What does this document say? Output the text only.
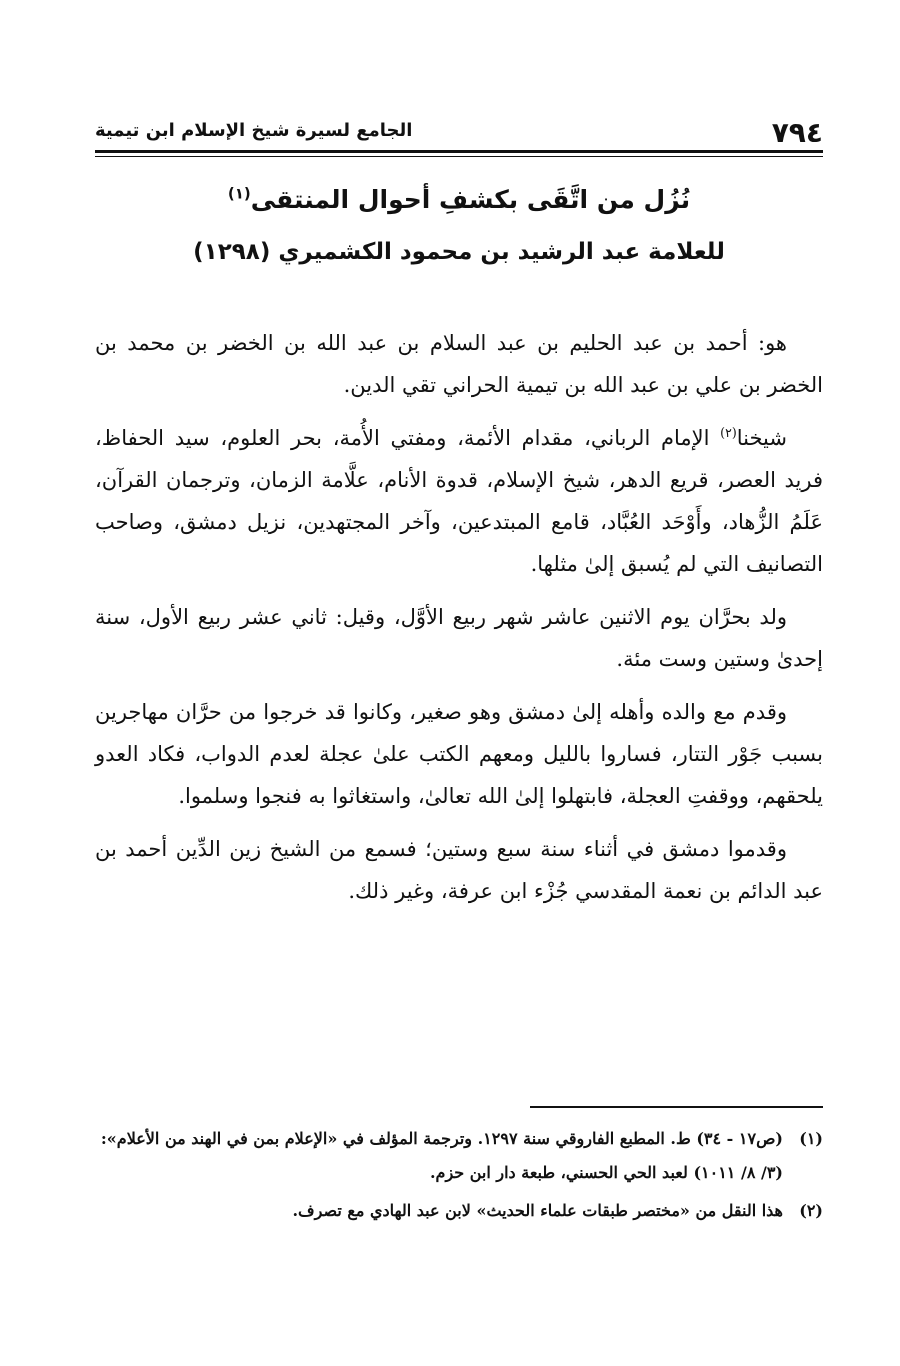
٧٩٤
الجامع لسيرة شيخ الإسلام ابن تيمية
نُزُل من اتَّقَى بكشفِ أحوال المنتقى$^{(١)}$
للعلامة عبد الرشيد بن محمود الكشميري (١٢٩٨)

هو: أحمد بن عبد الحليم بن عبد السلام بن عبد الله بن الخضر بن محمد بن الخضر بن علي بن عبد الله بن تيمية الحراني تقي الدين.

شيخنا$^{(٢)}$ الإمام الرباني، مقدام الأئمة، ومفتي الأُمة، بحر العلوم، سيد الحفاظ، فريد العصر، قريع الدهر، شيخ الإسلام، قدوة الأنام، علَّامة الزمان، وترجمان القرآن، عَلَمُ الزُّهاد، وأَوْحَد العُبَّاد، قامع المبتدعين، وآخر المجتهدين، نزيل دمشق، وصاحب التصانيف التي لم يُسبق إلىٰ مثلها.

ولد بحرَّان يوم الاثنين عاشر شهر ربيع الأوَّل، وقيل: ثاني عشر ربيع الأول، سنة إحدىٰ وستين وست مئة.

وقدم مع والده وأهله إلىٰ دمشق وهو صغير، وكانوا قد خرجوا من حرَّان مهاجرين بسبب جَوْر التتار، فساروا بالليل ومعهم الكتب علىٰ عجلة لعدم الدواب، فكاد العدو يلحقهم، ووقفتِ العجلة، فابتهلوا إلىٰ الله تعالىٰ، واستغاثوا به فنجوا وسلموا.

وقدموا دمشق في أثناء سنة سبع وستين؛ فسمع من الشيخ زين الدِّين أحمد بن عبد الدائم بن نعمة المقدسي جُزْء ابن عرفة، وغير ذلك.

(١)(ص١٧ - ٣٤) ط. المطبع الفاروقي سنة ١٢٩٧. وترجمة المؤلف في «الإعلام بمن في الهند من الأعلام»: (٣/ ٨/ ١٠١١) لعبد الحي الحسني، طبعة دار ابن حزم.

(٢)هذا النقل من «مختصر طبقات علماء الحديث» لابن عبد الهادي مع تصرف.
